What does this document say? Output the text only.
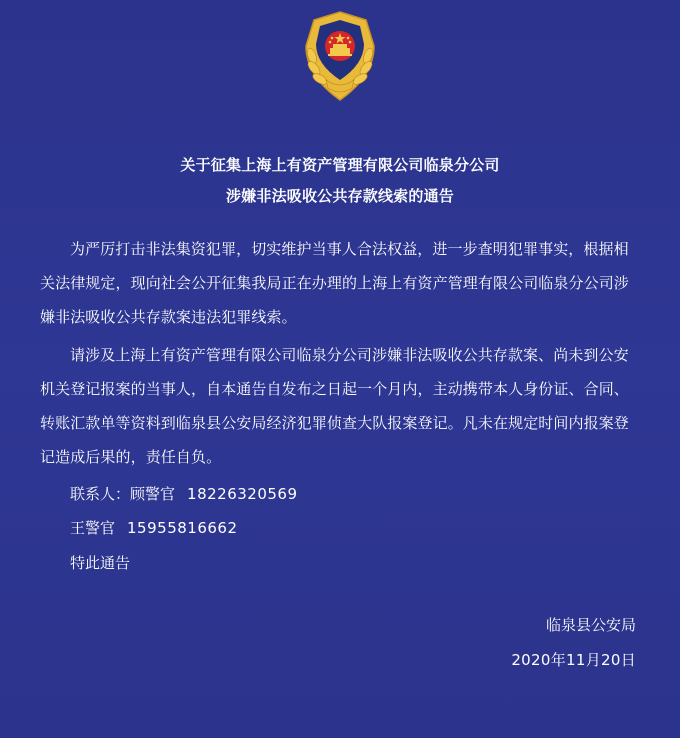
关于征集上海上有资产管理有限公司临泉分公司
涉嫌非法吸收公共存款线索的通告

为严厉打击非法集资犯罪，切实维护当事人合法权益，进一步查明犯罪事实，根据相关法律规定，现向社会公开征集我局正在办理的上海上有资产管理有限公司临泉分公司涉嫌非法吸收公共存款案违法犯罪线索。

请涉及上海上有资产管理有限公司临泉分公司涉嫌非法吸收公共存款案、尚未到公安机关登记报案的当事人，自本通告自发布之日起一个月内，主动携带本人身份证、合同、转账汇款单等资料到临泉县公安局经济犯罪侦查大队报案登记。凡未在规定时间内报案登记造成后果的，责任自负。

联系人：顾警官 18226320569
王警官 15955816662
特此通告
临泉县公安局
2020年11月20日
